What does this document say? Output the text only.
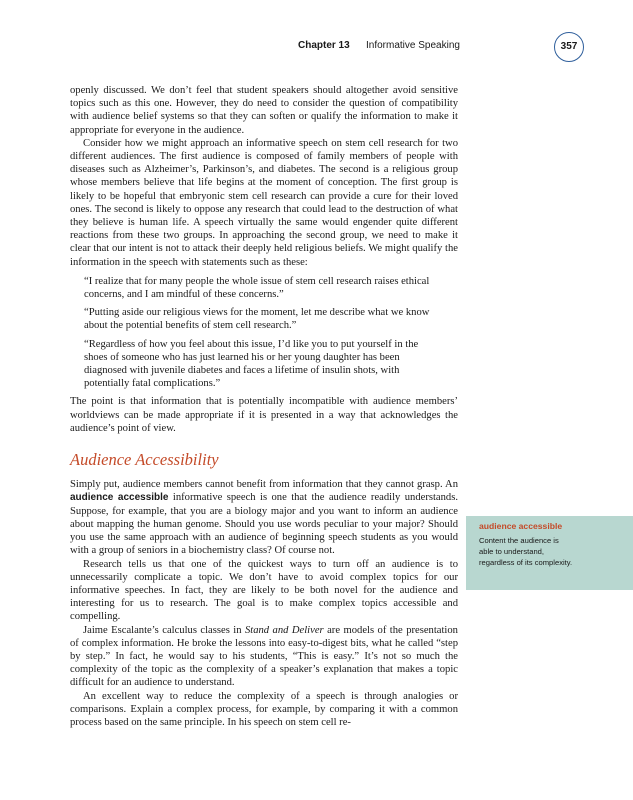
Chapter 13 Informative Speaking	357

openly discussed. We don’t feel that student speakers should altogether avoid sensitive topics such as this one. However, they do need to consider the question of compatibility with audience belief systems so that they can soften or qualify the information to make it appropriate for everyone in the audience.

Consider how we might approach an informative speech on stem cell research for two different audiences. The first audience is composed of family members of people with diseases such as Alzheimer’s, Parkinson’s, and diabetes. The second is a religious group whose members believe that life begins at the moment of conception. The first group is likely to be hopeful that embryonic stem cell research can provide a cure for their loved ones. The second is likely to oppose any research that could lead to the destruction of what they believe is human life. A speech virtually the same would engender quite different reactions from these two groups. In approaching the second group, we need to make it clear that our intent is not to attack their deeply held religious beliefs. We might qualify the information in the speech with statements such as these:

“I realize that for many people the whole issue of stem cell research raises ethical concerns, and I am mindful of these concerns.”

“Putting aside our religious views for the moment, let me describe what we know about the potential benefits of stem cell research.”

“Regardless of how you feel about this issue, I’d like you to put yourself in the shoes of someone who has just learned his or her young daughter has been diagnosed with juvenile diabetes and faces a lifetime of insulin shots, with potentially fatal complications.”

The point is that information that is potentially incompatible with audience members’ worldviews can be made appropriate if it is presented in a way that acknowledges the audience’s point of view.

Audience Accessibility

Simply put, audience members cannot benefit from information that they cannot grasp. An audience accessible informative speech is one that the audience readily understands. Suppose, for example, that you are a biology major and you want to inform an audience about mapping the human genome. Should you use words peculiar to your major? Should you use the same approach with an audience of beginning speech students as you would with a group of seniors in a biochemistry class? Of course not.

Research tells us that one of the quickest ways to turn off an audience is to unnecessarily complicate a topic. We don’t have to avoid complex topics for our informative speeches. In fact, they are likely to be both novel for the audience and interesting for us to research. The goal is to make complex topics accessible and compelling.

Jaime Escalante’s calculus classes in Stand and Deliver are models of the presentation of complex information. He broke the lessons into easy-to-digest bits, what he called “step by step.” In fact, he would say to his students, “This is easy.” It’s not so much the complexity of the topic as the complexity of a speaker’s explanation that makes a topic difficult for an audience to understand.

An excellent way to reduce the complexity of a speech is through analogies or comparisons. Explain a complex process, for example, by comparing it with a common process based on the same principle. In his speech on stem cell re-

audience accessible
Content the audience is able to understand, regardless of its complexity.
